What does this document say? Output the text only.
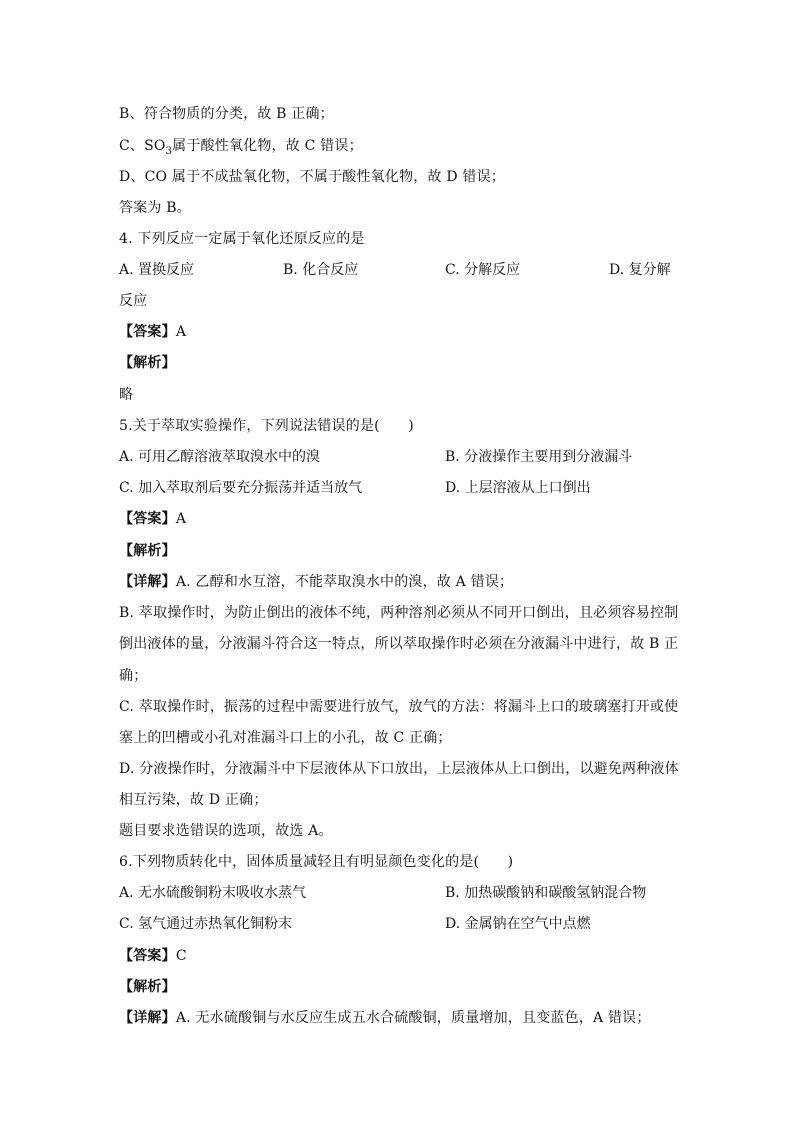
B、符合物质的分类，故 B 正确；
C、$SO_3$属于酸性氧化物，故 C 错误；
D、CO 属于不成盐氧化物，不属于酸性氧化物，故 D 错误；
答案为 B。
4. 下列反应一定属于氧化还原反应的是
A. 置换反应	B. 化合反应	C. 分解反应	D. 复分解
反应
【答案】A
【解析】
略
5.关于萃取实验操作，下列说法错误的是(　　)
A. 可用乙醇溶液萃取溴水中的溴	B. 分液操作主要用到分液漏斗
C. 加入萃取剂后要充分振荡并适当放气	D. 上层溶液从上口倒出
【答案】A
【解析】
【详解】A. 乙醇和水互溶，不能萃取溴水中的溴，故 A 错误；
B. 萃取操作时，为防止倒出的液体不纯，两种溶剂必须从不同开口倒出，且必须容易控制
倒出液体的量，分液漏斗符合这一特点，所以萃取操作时必须在分液漏斗中进行，故 B 正
确；
C. 萃取操作时，振荡的过程中需要进行放气，放气的方法：将漏斗上口的玻璃塞打开或使
塞上的凹槽或小孔对准漏斗口上的小孔，故 C 正确；
D. 分液操作时，分液漏斗中下层液体从下口放出，上层液体从上口倒出，以避免两种液体
相互污染，故 D 正确；
题目要求选错误的选项，故选 A。
6.下列物质转化中，固体质量减轻且有明显颜色变化的是(　　)
A. 无水硫酸铜粉末吸收水蒸气	B. 加热碳酸钠和碳酸氢钠混合物
C. 氢气通过赤热氧化铜粉末	D. 金属钠在空气中点燃
【答案】C
【解析】
【详解】A. 无水硫酸铜与水反应生成五水合硫酸铜，质量增加，且变蓝色，A 错误；
